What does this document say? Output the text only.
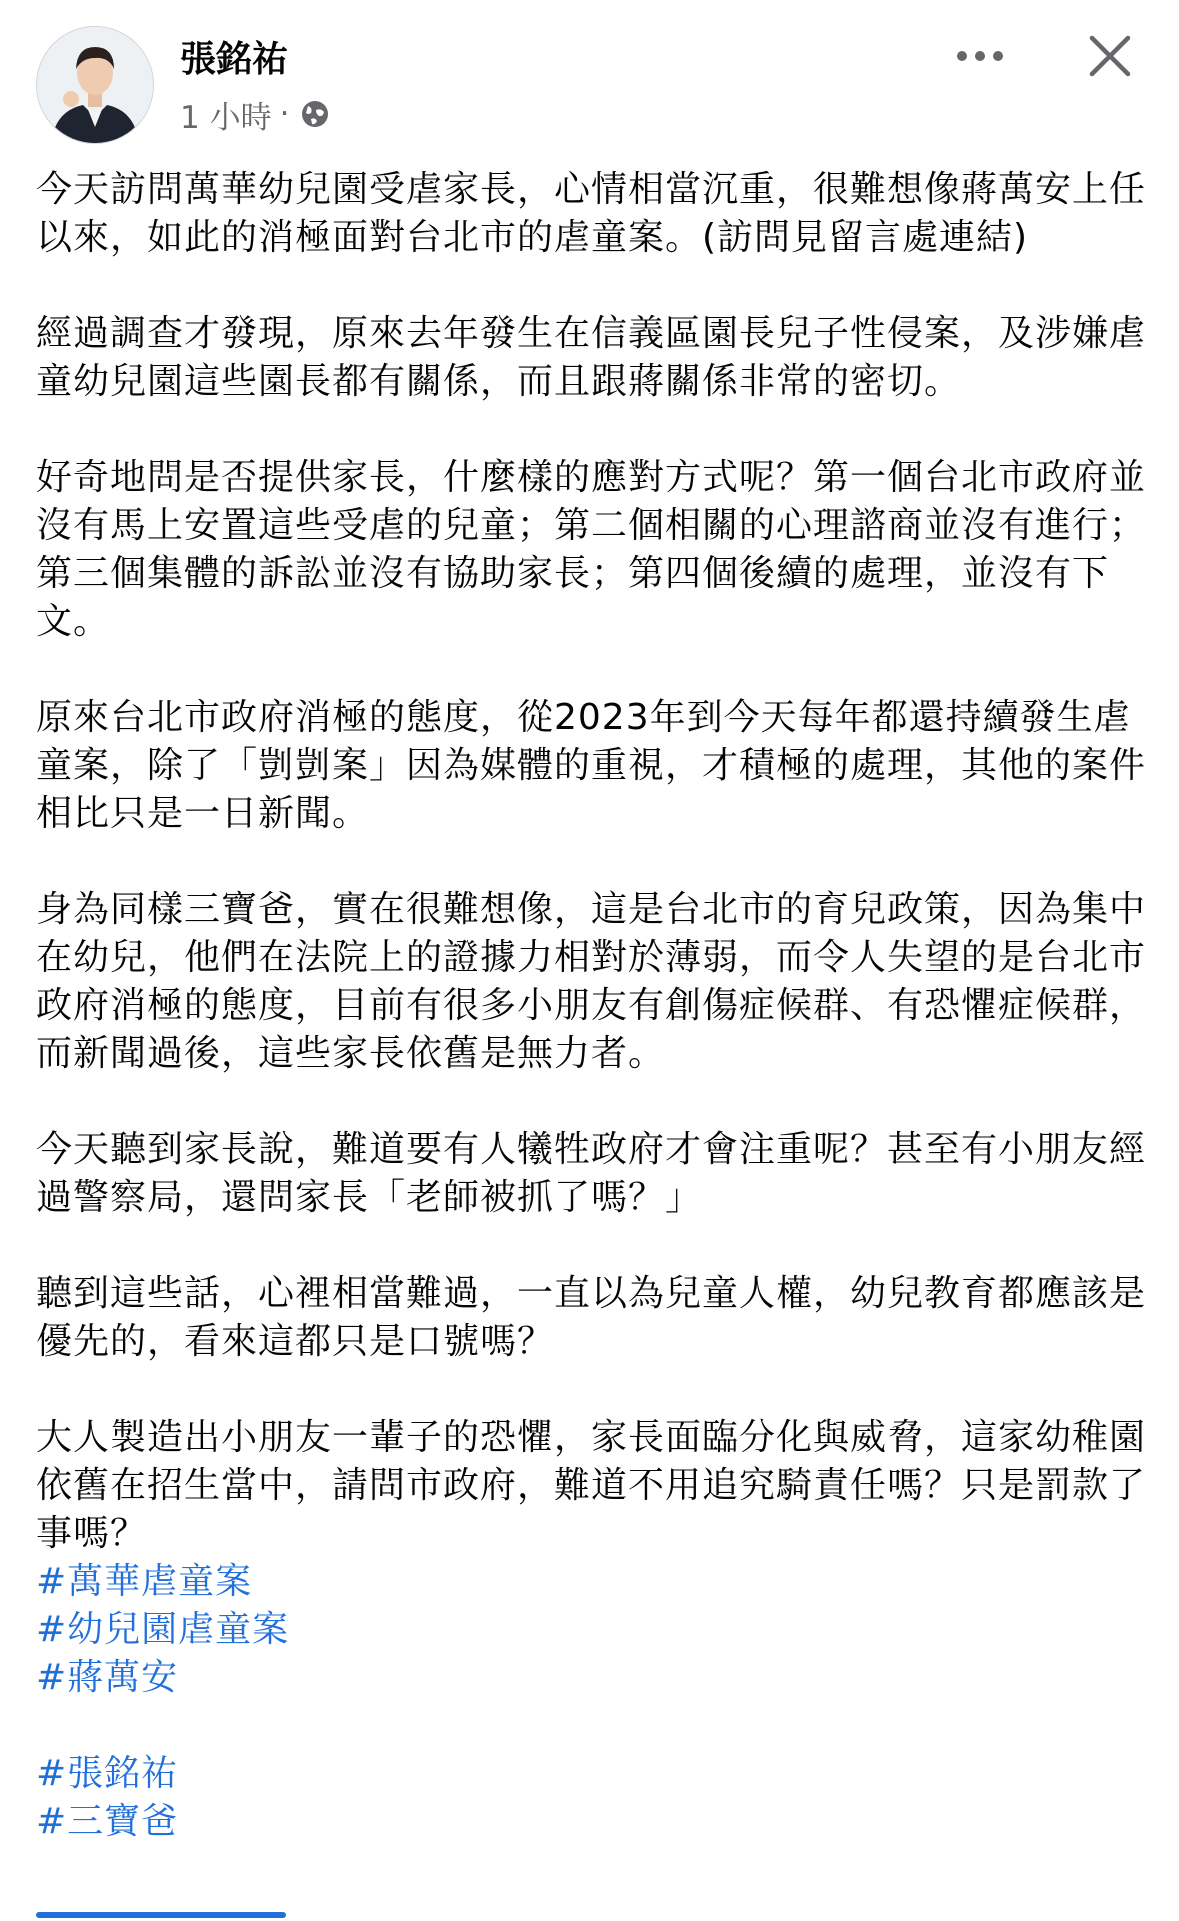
張銘祐
1 小時 ·

今天訪問萬華幼兒園受虐家長，心情相當沉重，很難想像蔣萬安上任以來，如此的消極面對台北市的虐童案。(訪問見留言處連結)

經過調查才發現，原來去年發生在信義區園長兒子性侵案，及涉嫌虐童幼兒園這些園長都有關係，而且跟蔣關係非常的密切。

好奇地問是否提供家長，什麼樣的應對方式呢？第一個台北市政府並沒有馬上安置這些受虐的兒童；第二個相關的心理諮商並沒有進行；第三個集體的訴訟並沒有協助家長；第四個後續的處理，並沒有下文。

原來台北市政府消極的態度，從2023年到今天每年都還持續發生虐童案，除了「剴剴案」因為媒體的重視，才積極的處理，其他的案件相比只是一日新聞。

身為同樣三寶爸，實在很難想像，這是台北市的育兒政策，因為集中在幼兒，他們在法院上的證據力相對於薄弱，而令人失望的是台北市政府消極的態度，目前有很多小朋友有創傷症候群、有恐懼症候群，而新聞過後，這些家長依舊是無力者。

今天聽到家長說，難道要有人犧牲政府才會注重呢？甚至有小朋友經過警察局，還問家長「老師被抓了嗎？」

聽到這些話，心裡相當難過，一直以為兒童人權，幼兒教育都應該是優先的，看來這都只是口號嗎？

大人製造出小朋友一輩子的恐懼，家長面臨分化與威脅，這家幼稚園依舊在招生當中，請問市政府，難道不用追究騎責任嗎？只是罰款了事嗎？

#萬華虐童案
#幼兒園虐童案
#蔣萬安
#張銘祐
#三寶爸
